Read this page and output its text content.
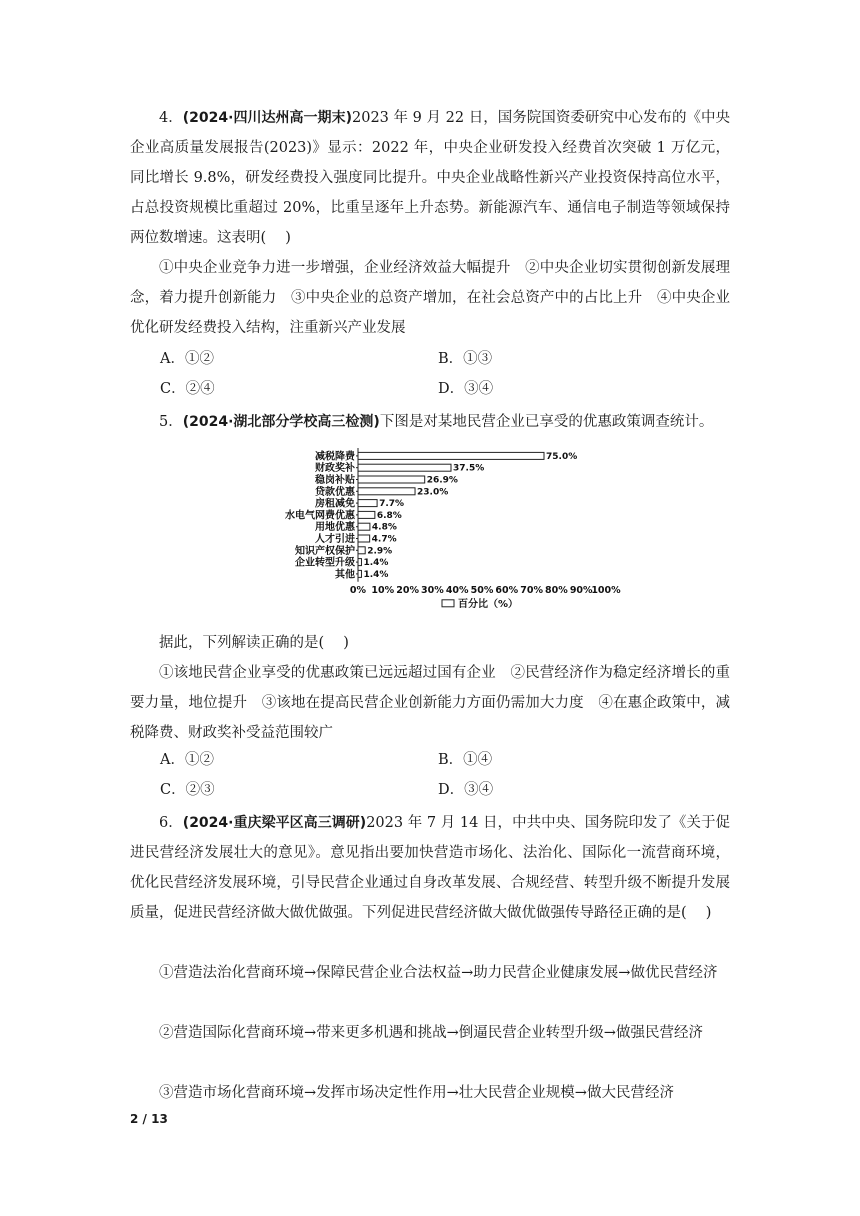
4．(2024·四川达州高一期末)2023 年 9 月 22 日，国务院国资委研究中心发布的《中央企业高质量发展报告(2023)》显示：2022 年，中央企业研发投入经费首次突破 1 万亿元，同比增长 9.8%，研发经费投入强度同比提升。中央企业战略性新兴产业投资保持高位水平，占总投资规模比重超过 20%，比重呈逐年上升态势。新能源汽车、通信电子制造等领域保持两位数增速。这表明(　 )

①中央企业竞争力进一步增强，企业经济效益大幅提升　②中央企业切实贯彻创新发展理念，着力提升创新能力　③中央企业的总资产增加，在社会总资产中的占比上升　④中央企业优化研发经费投入结构，注重新兴产业发展

A．①②	B．①③
C．②④	D．③④

5．(2024·湖北部分学校高三检测)下图是对某地民营企业已享受的优惠政策调查统计。

减税降费	75.0%
财政奖补	37.5%
稳岗补贴	26.9%
贷款优惠	23.0%
房租减免	7.7%
水电气网费优惠 6.8%
用地优惠 4.8%
人才引进 4.7%
知识产权保护 2.9%
企业转型升级 1.4%
其他 1.4%
0% 10% 20% 30% 40% 50% 60% 70% 80% 90%
100%
百分比（%）

据此，下列解读正确的是(　 )

①该地民营企业享受的优惠政策已远远超过国有企业　②民营经济作为稳定经济增长的重要力量，地位提升　③该地在提高民营企业创新能力方面仍需加大力度　④在惠企政策中，减税降费、财政奖补受益范围较广

A．①②	B．①④
C．②③	D．③④

6．(2024·重庆梁平区高三调研)2023 年 7 月 14 日，中共中央、国务院印发了《关于促进民营经济发展壮大的意见》。意见指出要加快营造市场化、法治化、国际化一流营商环境，优化民营经济发展环境，引导民营企业通过自身改革发展、合规经营、转型升级不断提升发展质量，促进民营经济做大做优做强。下列促进民营经济做大做优做强传导路径正确的是(　 )

①营造法治化营商环境→保障民营企业合法权益→助力民营企业健康发展→做优民营经济

②营造国际化营商环境→带来更多机遇和挑战→倒逼民营企业转型升级→做强民营经济

③营造市场化营商环境→发挥市场决定性作用→壮大民营企业规模→做大民营经济

2 / 13
